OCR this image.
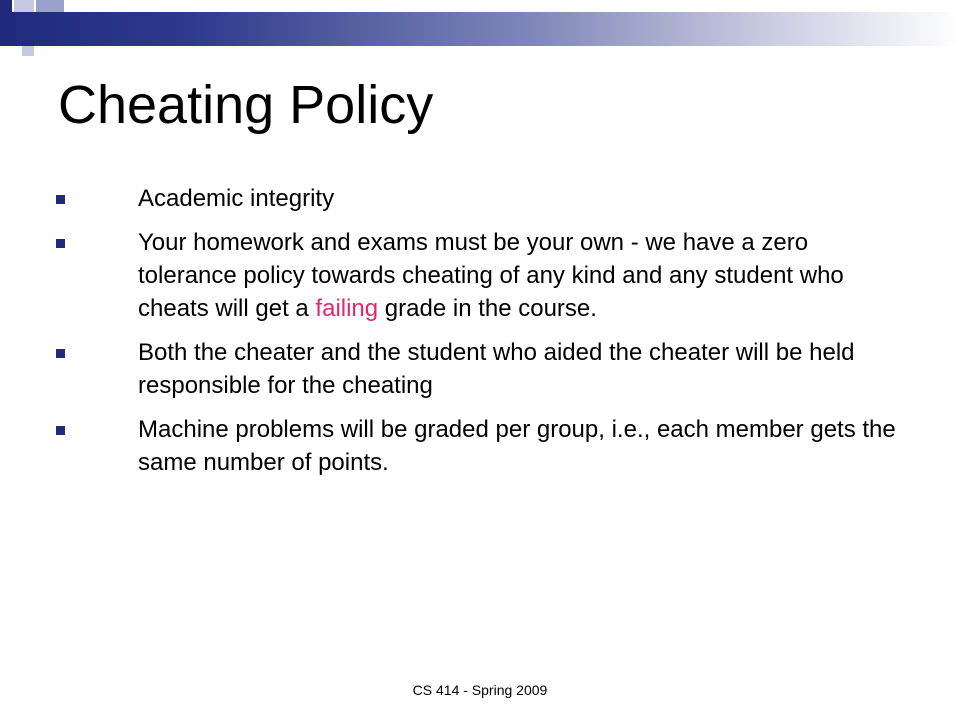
Cheating Policy
Academic integrity
Your homework and exams must be your own - we have a zero tolerance policy towards cheating of any kind and any student who cheats will get a failing grade in the course.
Both the cheater and the student who aided the cheater will be held responsible for the cheating
Machine problems will be graded per group, i.e., each member gets the same number of points.
CS 414 - Spring 2009
